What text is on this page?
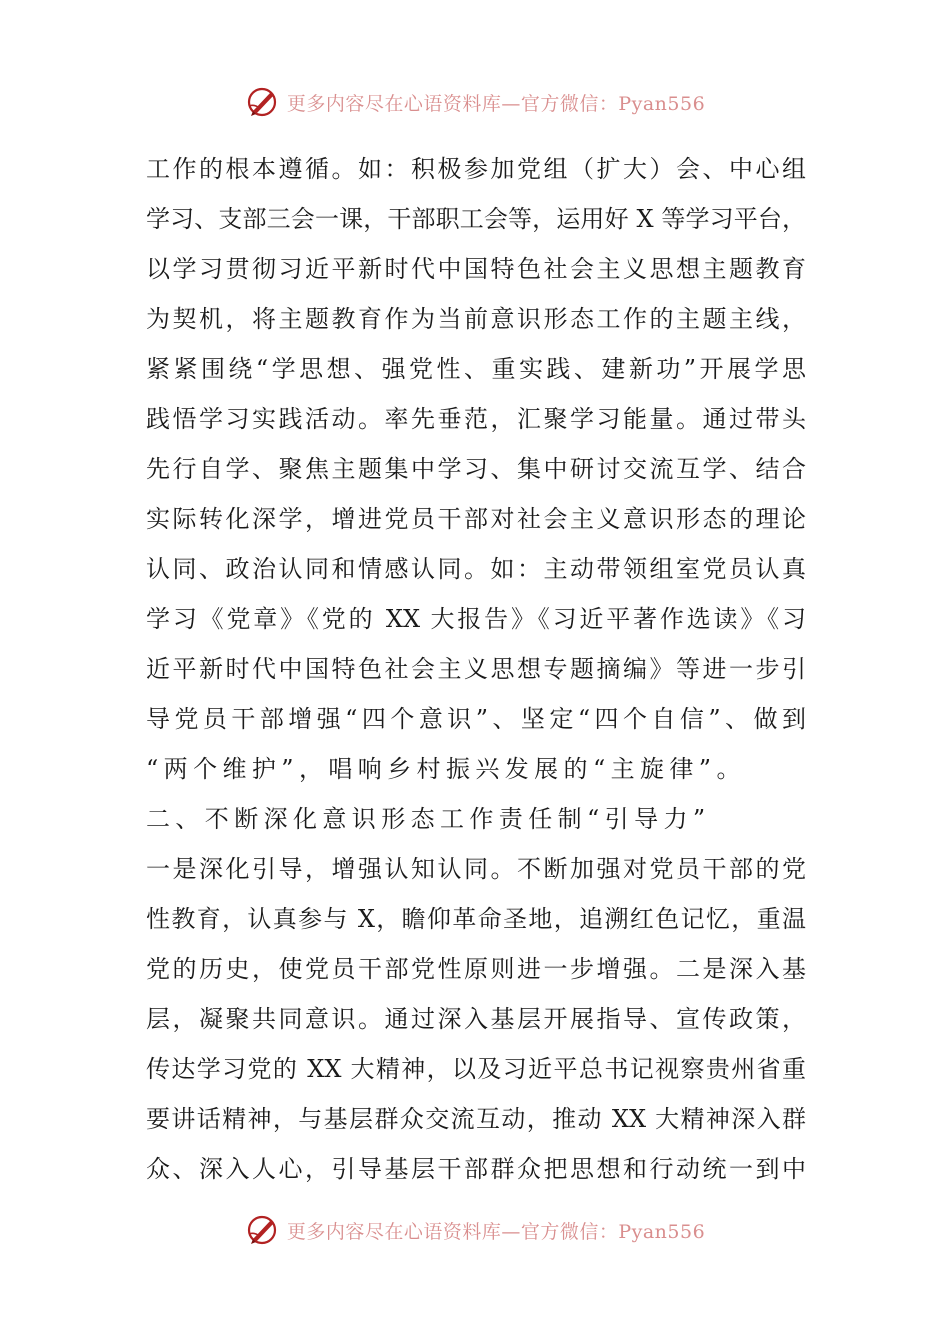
更多内容尽在心语资料库—官方微信：Pyan556
工作的根本遵循。如：积极参加党组（扩大）会、中心组
学习、支部三会一课，干部职工会等，运用好 X 等学习平台，
以学习贯彻习近平新时代中国特色社会主义思想主题教育
为契机，将主题教育作为当前意识形态工作的主题主线，
紧紧围绕“学思想、强党性、重实践、建新功”开展学思
践悟学习实践活动。率先垂范，汇聚学习能量。通过带头
先行自学、聚焦主题集中学习、集中研讨交流互学、结合
实际转化深学，增进党员干部对社会主义意识形态的理论
认同、政治认同和情感认同。如：主动带领组室党员认真
学习《党章》《党的 XX 大报告》《习近平著作选读》《习
近平新时代中国特色社会主义思想专题摘编》等进一步引
导党员干部增强“四个意识”、坚定“四个自信”、做到
“两个维护”，唱响乡村振兴发展的“主旋律”。
二、不断深化意识形态工作责任制“引导力”
一是深化引导，增强认知认同。不断加强对党员干部的党
性教育，认真参与 X，瞻仰革命圣地，追溯红色记忆，重温
党的历史，使党员干部党性原则进一步增强。二是深入基
层，凝聚共同意识。通过深入基层开展指导、宣传政策，
传达学习党的 XX 大精神，以及习近平总书记视察贵州省重
要讲话精神，与基层群众交流互动，推动 XX 大精神深入群
众、深入人心，引导基层干部群众把思想和行动统一到中
更多内容尽在心语资料库—官方微信：Pyan556
